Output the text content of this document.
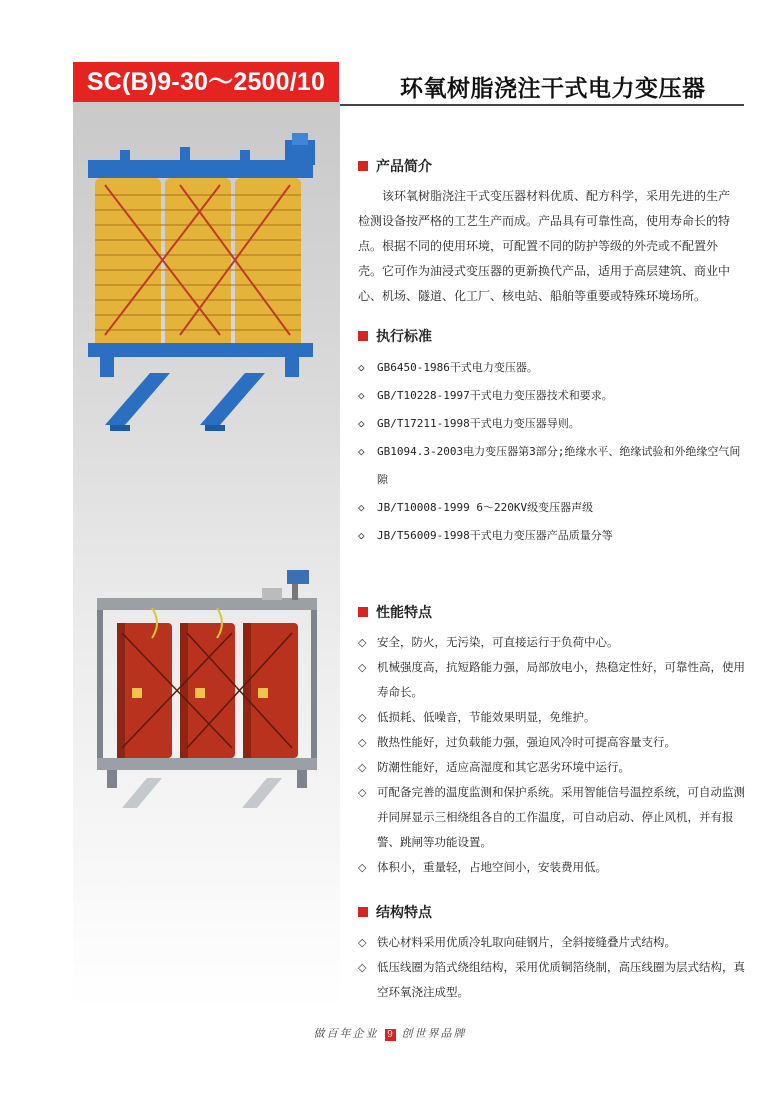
SC(B)9-30～2500/10	环氧树脂浇注干式电力变压器
产品简介

该环氧树脂浇注干式变压器材料优质、配方科学，采用先进的生产检测设备按严格的工艺生产而成。产品具有可靠性高，使用寿命长的特点。根据不同的使用环境，可配置不同的防护等级的外壳或不配置外壳。它可作为油浸式变压器的更新换代产品，适用于高层建筑、商业中心、机场、隧道、化工厂、核电站、船舶等重要或特殊环境场所。

执行标准
◇	GB6450-1986干式电力变压器。
◇	GB/T10228-1997干式电力变压器技术和要求。
◇	GB/T17211-1998干式电力变压器导则。
◇	GB1094.3-2003电力变压器第3部分;绝缘水平、绝缘试验和外绝缘空气间隙
◇	JB/T10008-1999 6～220KV级变压器声级
◇	JB/T56009-1998干式电力变压器产品质量分等
性能特点
◇ 安全，防火，无污染，可直接运行于负荷中心。
◇ 机械强度高，抗短路能力强，局部放电小，热稳定性好，可靠性高，使用寿命长。
◇ 低损耗、低噪音，节能效果明显，免维护。
◇ 散热性能好，过负载能力强，强迫风冷时可提高容量支行。
◇ 防潮性能好，适应高湿度和其它恶劣环境中运行。
◇ 可配备完善的温度监测和保护系统。采用智能信号温控系统，可自动监测并同屏显示三相绕组各自的工作温度，可自动启动、停止风机，并有报警、跳闸等功能设置。
◇ 体积小，重量轻，占地空间小，安装费用低。
结构特点
◇ 铁心材料采用优质冷轧取向硅钢片，全斜接缝叠片式结构。
◇ 低压线圈为箔式绕组结构，采用优质铜箔绕制，高压线圈为层式结构，真空环氧浇注成型。
做百年企业 9 创世界品牌
